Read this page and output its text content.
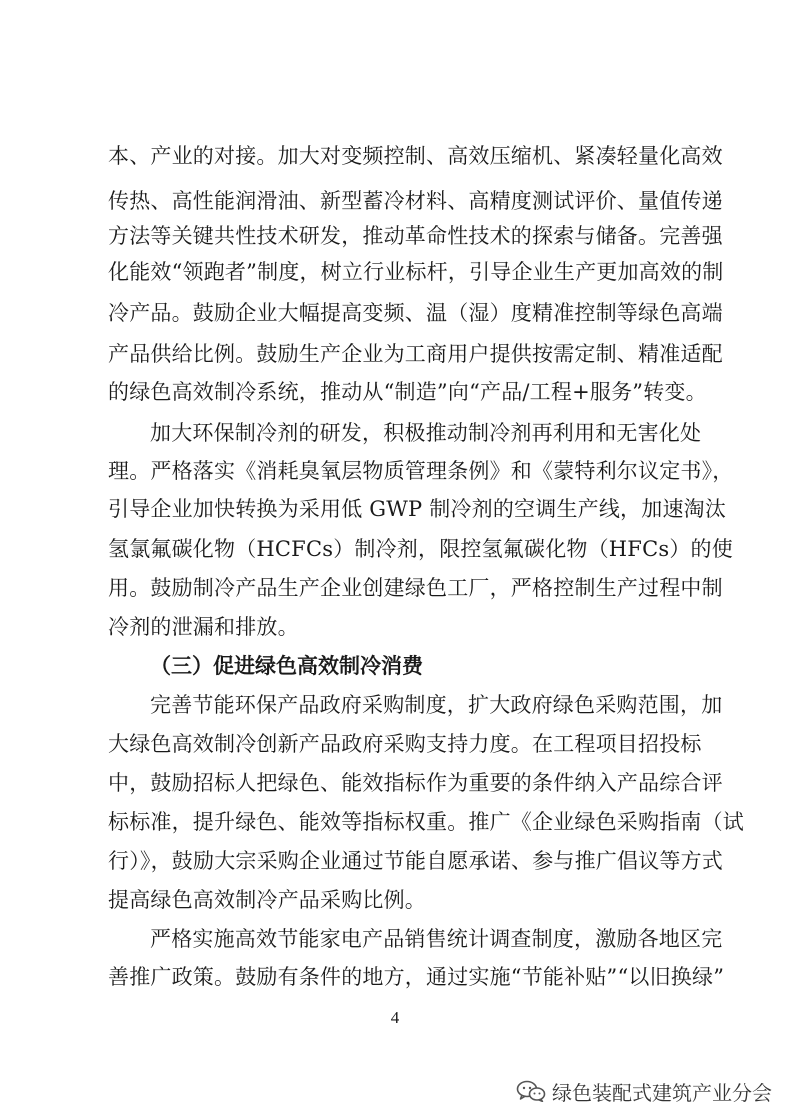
本、产业的对接。加大对变频控制、高效压缩机、紧凑轻量化高效
传热、高性能润滑油、新型蓄冷材料、高精度测试评价、量值传递
方法等关键共性技术研发，推动革命性技术的探索与储备。完善强
化能效“领跑者”制度，树立行业标杆，引导企业生产更加高效的制
冷产品。鼓励企业大幅提高变频、温（湿）度精准控制等绿色高端
产品供给比例。鼓励生产企业为工商用户提供按需定制、精准适配
的绿色高效制冷系统，推动从“制造”向“产品/工程+服务”转变。
加大环保制冷剂的研发，积极推动制冷剂再利用和无害化处
理。严格落实《消耗臭氧层物质管理条例》和《蒙特利尔议定书》，
引导企业加快转换为采用低 GWP 制冷剂的空调生产线，加速淘汰
氢氯氟碳化物（HCFCs）制冷剂，限控氢氟碳化物（HFCs）的使
用。鼓励制冷产品生产企业创建绿色工厂，严格控制生产过程中制
冷剂的泄漏和排放。
（三）促进绿色高效制冷消费
完善节能环保产品政府采购制度，扩大政府绿色采购范围，加
大绿色高效制冷创新产品政府采购支持力度。在工程项目招投标
中，鼓励招标人把绿色、能效指标作为重要的条件纳入产品综合评
标标准，提升绿色、能效等指标权重。推广《企业绿色采购指南（试
行）》，鼓励大宗采购企业通过节能自愿承诺、参与推广倡议等方式
提高绿色高效制冷产品采购比例。
严格实施高效节能家电产品销售统计调查制度，激励各地区完
善推广政策。鼓励有条件的地方，通过实施“节能补贴”“以旧换绿”
4
绿色装配式建筑产业分会
